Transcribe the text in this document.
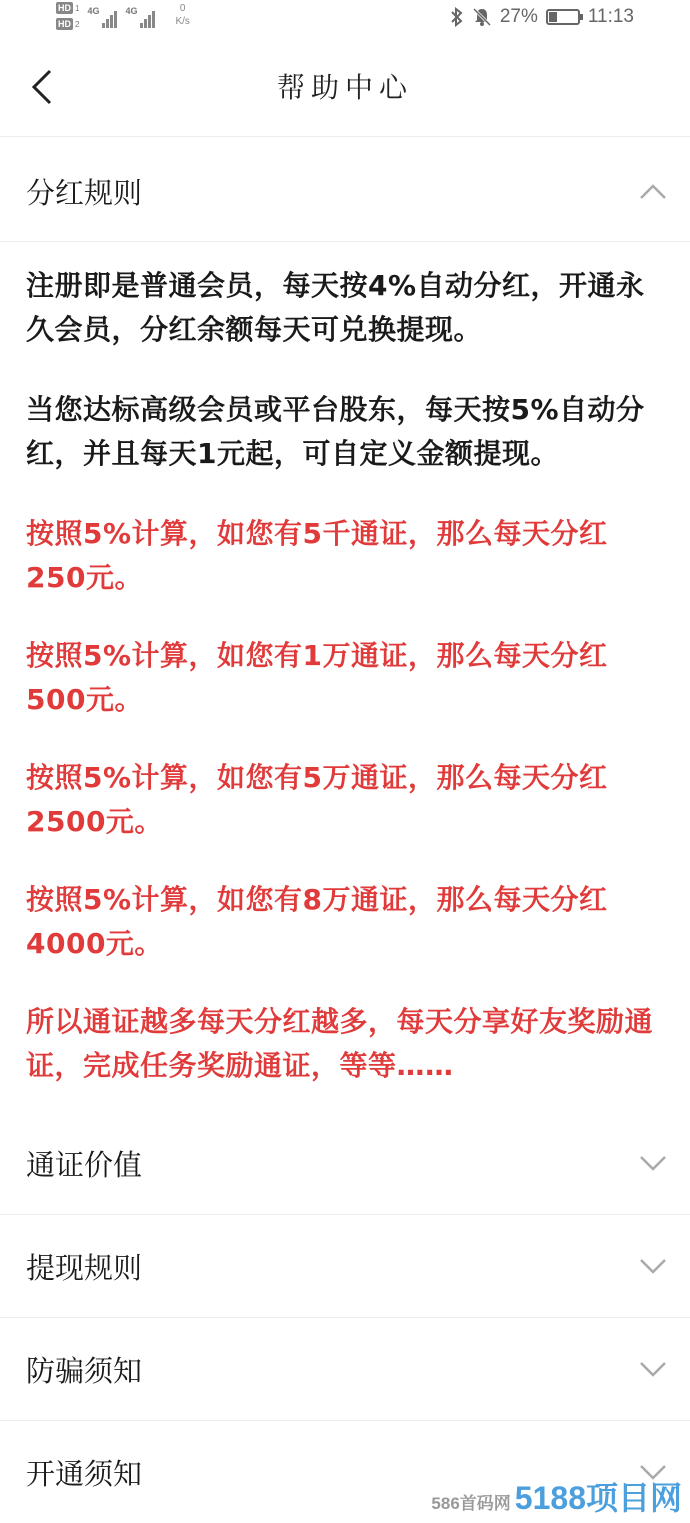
HD 1
HD 2
4G	4G	0
K/s	27%	11:13
帮助中心
分红规则

注册即是普通会员，每天按4%自动分红，开通永久会员，分红余额每天可兑换提现。

当您达标高级会员或平台股东，每天按5%自动分红，并且每天1元起，可自定义金额提现。

按照5%计算，如您有5千通证，那么每天分红250元。

按照5%计算，如您有1万通证，那么每天分红500元。

按照5%计算，如您有5万通证，那么每天分红2500元。

按照5%计算，如您有8万通证，那么每天分红4000元。

所以通证越多每天分红越多，每天分享好友奖励通证，完成任务奖励通证，等等……

通证价值
提现规则
防骗须知
开通须知
586首码网 5188项目网
